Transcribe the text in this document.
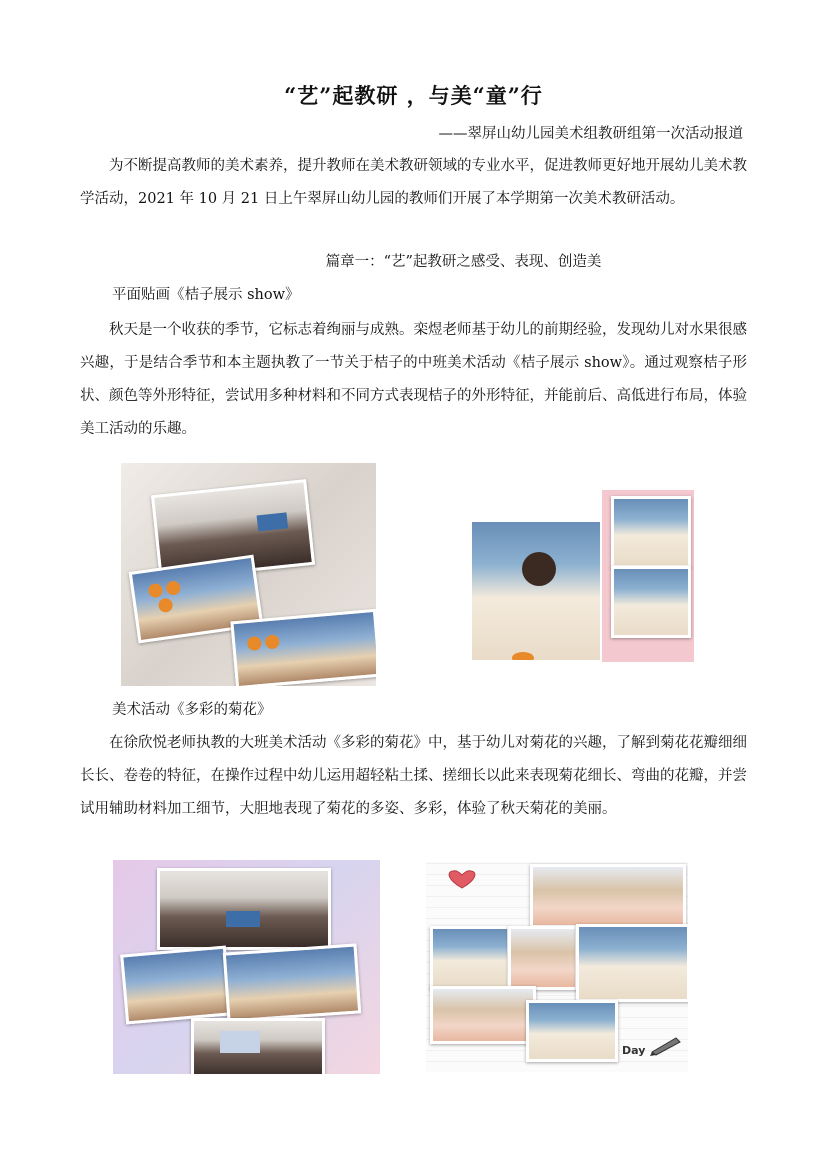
“艺”起教研 ，与美“童”行
——翠屏山幼儿园美术组教研组第一次活动报道

为不断提高教师的美术素养，提升教师在美术教研领域的专业水平，促进教师更好地开展幼儿美术教学活动，2021 年 10 月 21 日上午翠屏山幼儿园的教师们开展了本学期第一次美术教研活动。

篇章一：“艺”起教研之感受、表现、创造美
平面贴画《桔子展示 show》

秋天是一个收获的季节，它标志着绚丽与成熟。栾煜老师基于幼儿的前期经验，发现幼儿对水果很感兴趣，于是结合季节和本主题执教了一节关于桔子的中班美术活动《桔子展示 show》。通过观察桔子形状、颜色等外形特征，尝试用多种材料和不同方式表现桔子的外形特征，并能前后、高低进行布局，体验美工活动的乐趣。

美术活动《多彩的菊花》

在徐欣悦老师执教的大班美术活动《多彩的菊花》中，基于幼儿对菊花的兴趣，了解到菊花花瓣细细长长、卷卷的特征，在操作过程中幼儿运用超轻粘土揉、搓细长以此来表现菊花细长、弯曲的花瓣，并尝试用辅助材料加工细节，大胆地表现了菊花的多姿、多彩，体验了秋天菊花的美丽。

Day
